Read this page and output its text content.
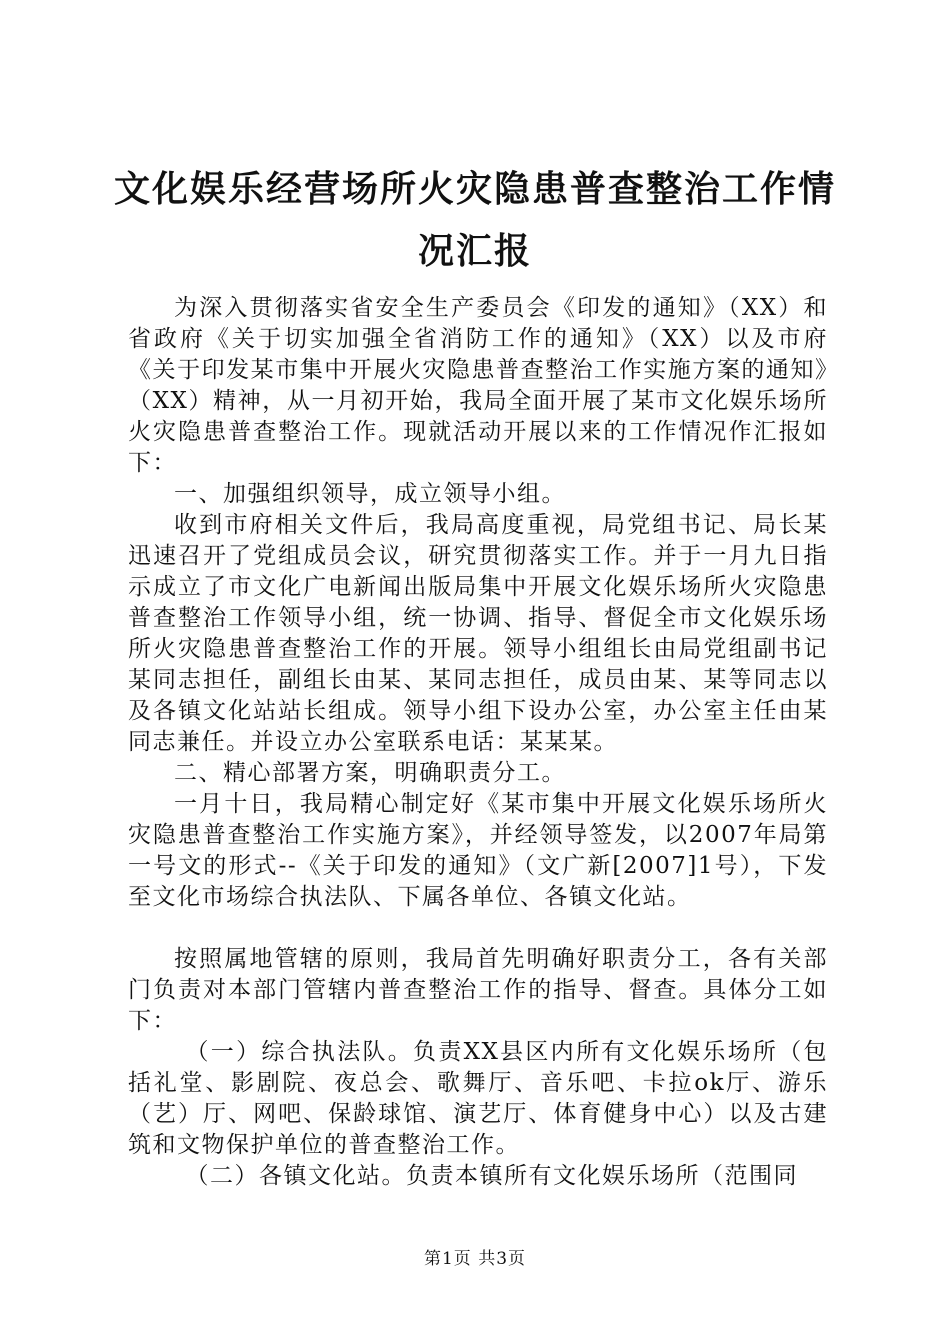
文化娱乐经营场所火灾隐患普查整治工作情况汇报

为深入贯彻落实省安全生产委员会《印发的通知》（XX）和省政府《关于切实加强全省消防工作的通知》（XX）以及市府《关于印发某市集中开展火灾隐患普查整治工作实施方案的通知》（XX）精神，从一月初开始，我局全面开展了某市文化娱乐场所火灾隐患普查整治工作。现就活动开展以来的工作情况作汇报如下：

一、加强组织领导，成立领导小组。

收到市府相关文件后，我局高度重视，局党组书记、局长某迅速召开了党组成员会议，研究贯彻落实工作。并于一月九日指示成立了市文化广电新闻出版局集中开展文化娱乐场所火灾隐患普查整治工作领导小组，统一协调、指导、督促全市文化娱乐场所火灾隐患普查整治工作的开展。领导小组组长由局党组副书记某同志担任，副组长由某、某同志担任，成员由某、某等同志以及各镇文化站站长组成。领导小组下设办公室，办公室主任由某同志兼任。并设立办公室联系电话：某某某。

二、精心部署方案，明确职责分工。

一月十日，我局精心制定好《某市集中开展文化娱乐场所火灾隐患普查整治工作实施方案》，并经领导签发，以2007年局第一号文的形式--《关于印发的通知》（文广新[2007]1号），下发至文化市场综合执法队、下属各单位、各镇文化站。

按照属地管辖的原则，我局首先明确好职责分工，各有关部门负责对本部门管辖内普查整治工作的指导、督查。具体分工如下：

（一）综合执法队。负责XX县区内所有文化娱乐场所（包括礼堂、影剧院、夜总会、歌舞厅、音乐吧、卡拉ok厅、游乐（艺）厅、网吧、保龄球馆、演艺厅、体育健身中心）以及古建筑和文物保护单位的普查整治工作。

（二）各镇文化站。负责本镇所有文化娱乐场所（范围同

第1页 共3页
